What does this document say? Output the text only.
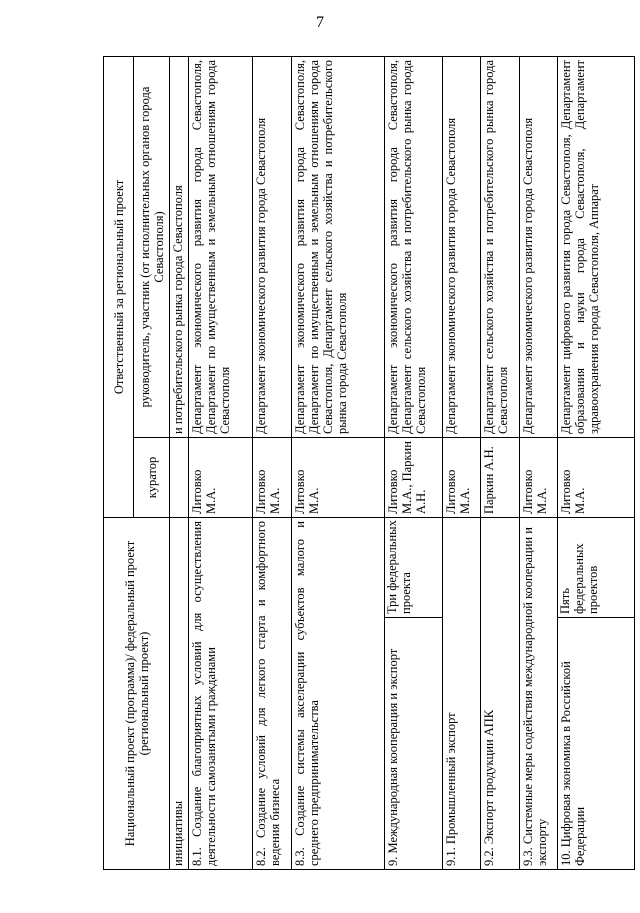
7
Национальный проект (программа)/ федеральный проект (региональный проект)	Ответственный за региональный проект	
	куратор	руководитель, участник (от исполнительных органов города Севастополя)
инициативы		и потребительского рынка города Севастополя
8.1. Создание благоприятных условий для осуществления деятельности самозанятыми гражданами	Литовко М.А.	Департамент экономического развития города Севастополя, Департамент по имущественным и земельным отношениям города Севастополя
8.2. Создание условий для легкого старта и комфортного ведения бизнеса	Литовко М.А.	Департамент экономического развития города Севастополя
8.3. Создание системы акселерации субъектов малого и среднего предпринимательства	Литовко М.А.	Департамент экономического развития города Севастополя, Департамент по имущественным и земельным отношениям города Севастополя, Департамент сельского хозяйства и потребительского рынка города Севастополя

9. Международная кооперация и экспорт
Три федеральных проекта	Литовко М.А., Паркин А.Н.	Департамент экономического развития города Севастополя, Департамент сельского хозяйства и потребительского рынка города Севастополя
9.1. Промышленный экспорт	Литовко М.А.	Департамент экономического развития города Севастополя
9.2. Экспорт продукции АПК	Паркин А.Н.	Департамент сельского хозяйства и потребительского рынка города Севастополя
9.3. Системные меры содействия международной кооперации и экспорту	Литовко М.А.	Департамент экономического развития города Севастополя

10. Цифровая экономика в Российской Федерации
Пять федеральных проектов	Литовко М.А.	Департамент цифрового развития города Севастополя, Департамент образования и науки города Севастополя, Департамент здравоохранения города Севастополя, Аппарат
